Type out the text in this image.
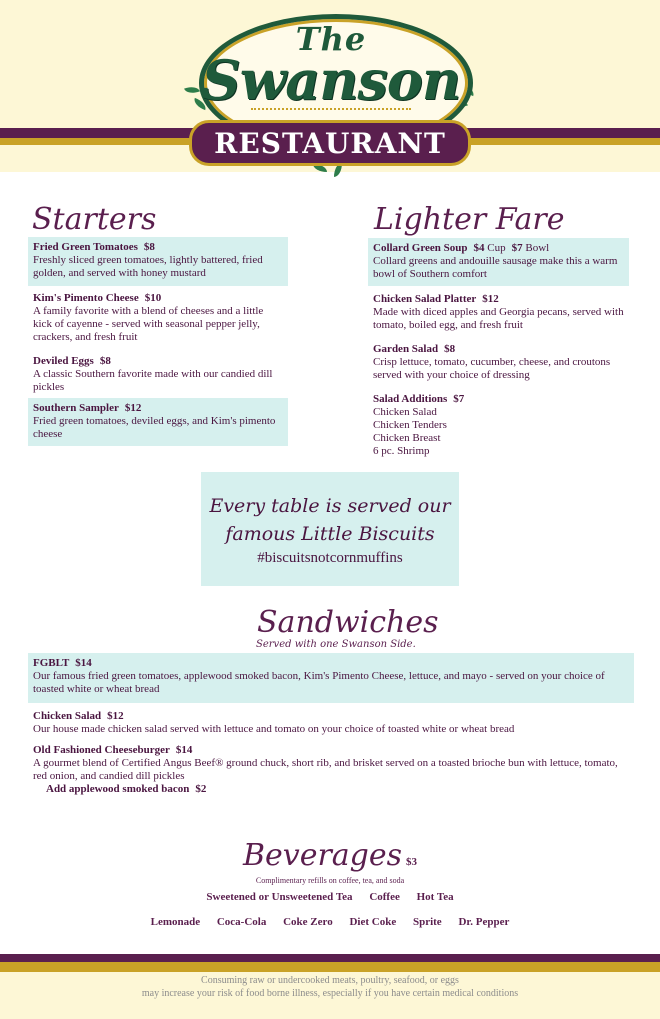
The
Swanson
RESTAURANT
Starters
Fried Green Tomatoes $8
Freshly sliced green tomatoes, lightly battered, fried golden, and served with honey mustard
Kim's Pimento Cheese $10
A family favorite with a blend of cheeses and a little kick of cayenne - served with seasonal pepper jelly, crackers, and fresh fruit
Deviled Eggs $8
A classic Southern favorite made with our candied dill pickles
Southern Sampler $12
Fried green tomatoes, deviled eggs, and Kim's pimento cheese
Lighter Fare
Collard Green Soup $4 Cup $7 Bowl
Collard greens and andouille sausage make this a warm bowl of Southern comfort
Chicken Salad Platter $12
Made with diced apples and Georgia pecans, served with tomato, boiled egg, and fresh fruit
Garden Salad $8
Crisp lettuce, tomato, cucumber, cheese, and croutons served with your choice of dressing
Salad Additions $7
Chicken Salad
Chicken Tenders
Chicken Breast
6 pc. Shrimp
Every table is served our
famous Little Biscuits
#biscuitsnotcornmuffins
Sandwiches
Served with one Swanson Side.
FGBLT $14
Our famous fried green tomatoes, applewood smoked bacon, Kim's Pimento Cheese, lettuce, and mayo - served on your choice of toasted white or wheat bread
Chicken Salad $12
Our house made chicken salad served with lettuce and tomato on your choice of toasted white or wheat bread
Old Fashioned Cheeseburger $14
A gourmet blend of Certified Angus Beef® ground chuck, short rib, and brisket served on a toasted brioche bun with lettuce, tomato, red onion, and candied dill pickles
Add applewood smoked bacon $2
Beverages $3
Complimentary refills on coffee, tea, and soda
Sweetened or Unsweetened Tea Coffee Hot Tea
Lemonade Coca-Cola Coke Zero Diet Coke Sprite Dr. Pepper
Consuming raw or undercooked meats, poultry, seafood, or eggs
may increase your risk of food borne illness, especially if you have certain medical conditions
